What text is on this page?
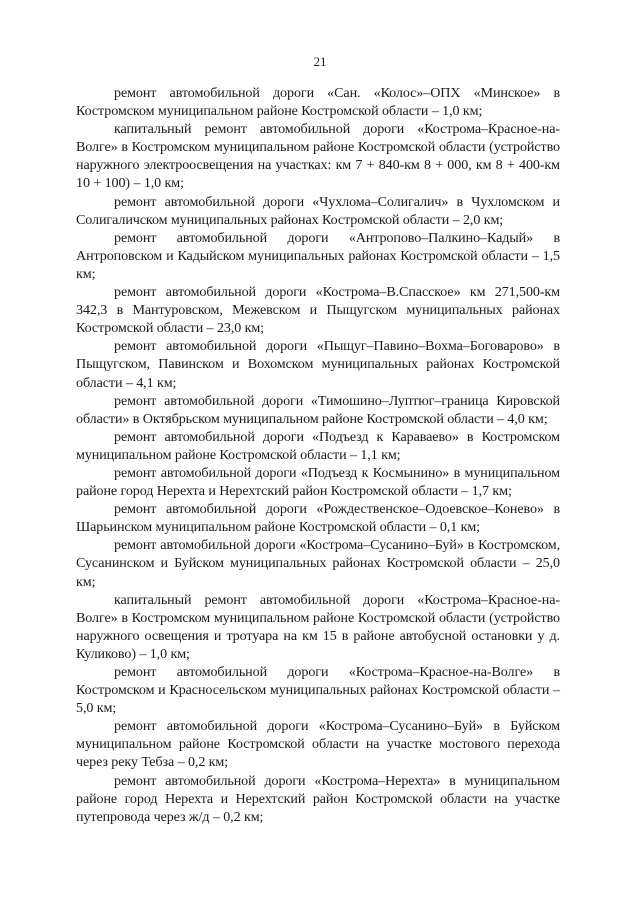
21

ремонт автомобильной дороги «Сан. «Колос»–ОПХ «Минское» в Костромском муниципальном районе Костромской области – 1,0 км;

капитальный ремонт автомобильной дороги «Кострома–Красное-на-Волге» в Костромском муниципальном районе Костромской области (устройство наружного электроосвещения на участках: км 7 + 840-км 8 + 000, км 8 + 400-км 10 + 100) – 1,0 км;

ремонт автомобильной дороги «Чухлома–Солигалич» в Чухломском и Солигаличском муниципальных районах Костромской области – 2,0 км;

ремонт автомобильной дороги «Антропово–Палкино–Кадый» в Антроповском и Кадыйском муниципальных районах Костромской области – 1,5 км;

ремонт автомобильной дороги «Кострома–В.Спасское» км 271,500-км 342,3 в Мантуровском, Межевском и Пыщугском муниципальных районах Костромской области – 23,0 км;

ремонт автомобильной дороги «Пыщуг–Павино–Вохма–Боговарово» в Пыщугском, Павинском и Вохомском муниципальных районах Костромской области – 4,1 км;

ремонт автомобильной дороги «Тимошино–Луптюг–граница Кировской области» в Октябрьском муниципальном районе Костромской области – 4,0 км;

ремонт автомобильной дороги «Подъезд к Караваево» в Костромском муниципальном районе Костромской области – 1,1 км;

ремонт автомобильной дороги «Подъезд к Космынино» в муниципальном районе город Нерехта и Нерехтский район Костромской области – 1,7 км;

ремонт автомобильной дороги «Рождественское–Одоевское–Конево» в Шарьинском муниципальном районе Костромской области – 0,1 км;

ремонт автомобильной дороги «Кострома–Сусанино–Буй» в Костромском, Сусанинском и Буйском муниципальных районах Костромской области – 25,0 км;

капитальный ремонт автомобильной дороги «Кострома–Красное-на-Волге» в Костромском муниципальном районе Костромской области (устройство наружного освещения и тротуара на км 15 в районе автобусной остановки у д. Куликово) – 1,0 км;

ремонт автомобильной дороги «Кострома–Красное-на-Волге» в Костромском и Красносельском муниципальных районах Костромской области – 5,0 км;

ремонт автомобильной дороги «Кострома–Сусанино–Буй» в Буйском муниципальном районе Костромской области на участке мостового перехода через реку Тебза – 0,2 км;

ремонт автомобильной дороги «Кострома–Нерехта» в муниципальном районе город Нерехта и Нерехтский район Костромской области на участке путепровода через ж/д – 0,2 км;
